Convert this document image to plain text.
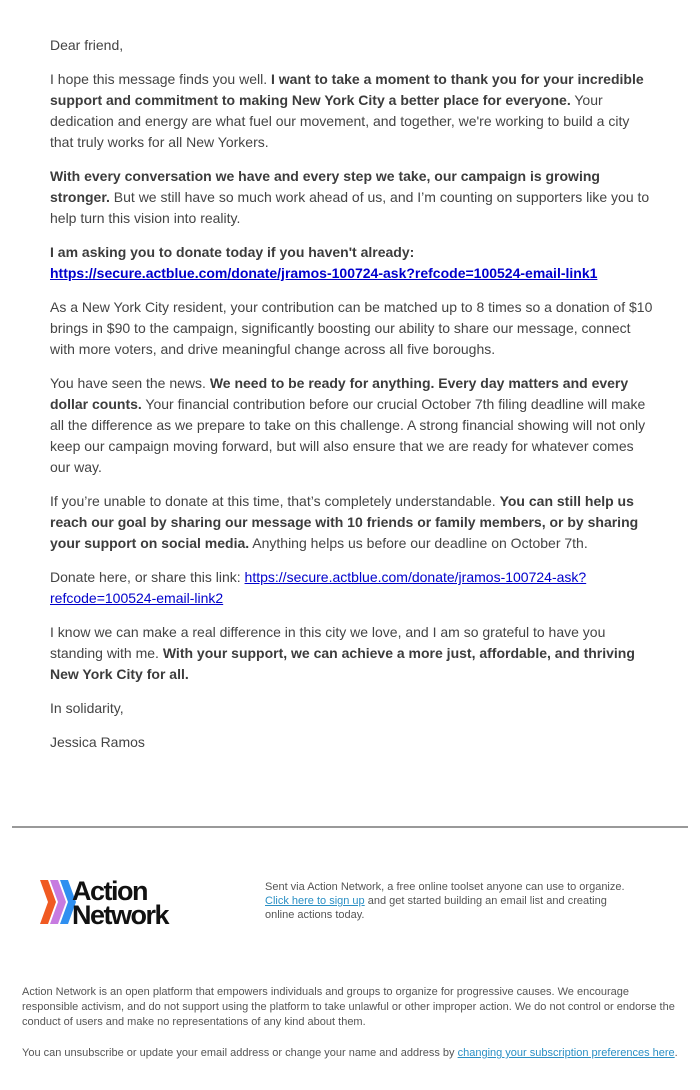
Dear friend,

I hope this message finds you well. I want to take a moment to thank you for your incredible support and commitment to making New York City a better place for everyone. Your dedication and energy are what fuel our movement, and together, we're working to build a city that truly works for all New Yorkers.

With every conversation we have and every step we take, our campaign is growing stronger. But we still have so much work ahead of us, and I’m counting on supporters like you to help turn this vision into reality.

I am asking you to donate today if you haven't already:
https://secure.actblue.com/donate/jramos-100724-ask?refcode=100524-email-link1

As a New York City resident, your contribution can be matched up to 8 times so a donation of $10 brings in $90 to the campaign, significantly boosting our ability to share our message, connect with more voters, and drive meaningful change across all five boroughs.

You have seen the news. We need to be ready for anything. Every day matters and every dollar counts. Your financial contribution before our crucial October 7th filing deadline will make all the difference as we prepare to take on this challenge. A strong financial showing will not only keep our campaign moving forward, but will also ensure that we are ready for whatever comes our way.

If you’re unable to donate at this time, that’s completely understandable. You can still help us reach our goal by sharing our message with 10 friends or family members, or by sharing your support on social media. Anything helps us before our deadline on October 7th.

Donate here, or share this link: https://secure.actblue.com/donate/jramos-100724-ask?refcode=100524-email-link2

I know we can make a real difference in this city we love, and I am so grateful to have you standing with me. With your support, we can achieve a more just, affordable, and thriving New York City for all.

In solidarity,

Jessica Ramos

Action
Network
Sent via Action Network, a free online toolset anyone can use to organize.
Click here to sign up and get started building an email list and creating online actions today.
Action Network is an open platform that empowers individuals and groups to organize for progressive causes. We encourage responsible activism, and do not support using the platform to take unlawful or other improper action. We do not control or endorse the conduct of users and make no representations of any kind about them.
You can unsubscribe or update your email address or change your name and address by changing your subscription preferences here.
